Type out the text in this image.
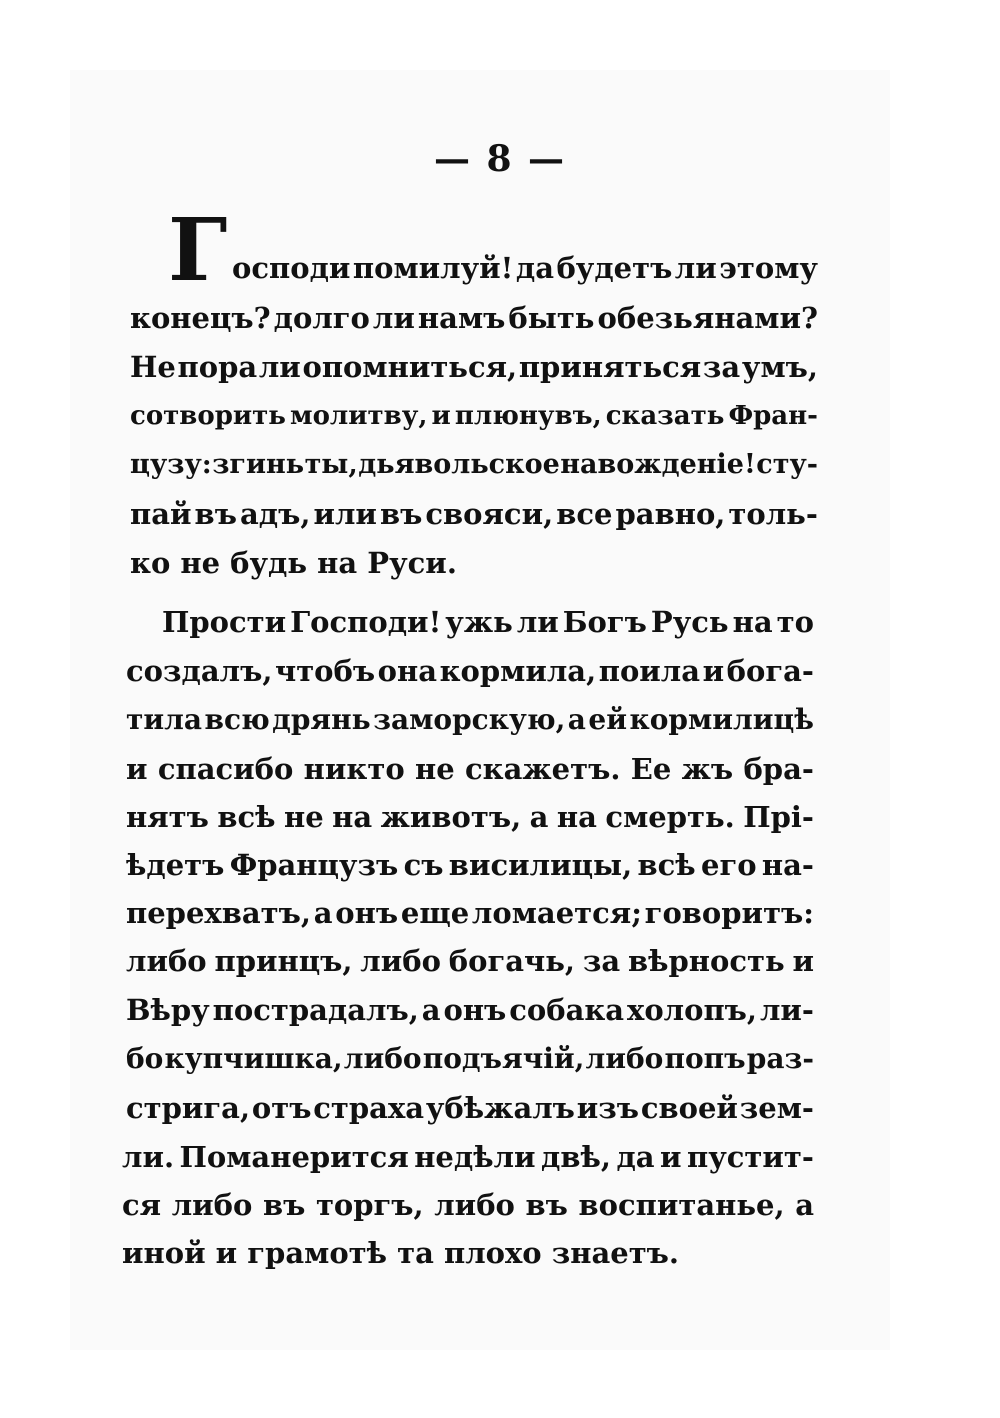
— 8 —
Г осподи помилуй! да будетъ ли этому
конецъ? долго ли намъ быть обезьянами?
Не пора ли опомниться, приняться за умъ,
сотворить молитву, и плюнувъ, сказать Фран-
цузу: згинь ты, дьявольское навожденіе! сту-
пай въ адъ, или въ свояси, все равно, толь-
ко не будь на Руси.
Прости Господи! ужь ли Богъ Русь на то
создалъ, чтобъ она кормила, поила и бога-
тила всю дрянь заморскую, а ей кормилицѣ
и спасибо никто не скажетъ. Ее жъ бра-
нятъ всѣ не на животъ, а на смерть. Прі-
ѣдетъ Французъ съ висилицы, всѣ его на-
перехватъ, а онъ еще ломается; говоритъ:
либо принцъ, либо богачь, за вѣрность и
Вѣру пострадалъ, а онъ собака холопъ, ли-
бо купчишка, либо подъячій, либо попъ раз-
стрига, отъ страха убѣжалъ изъ своей зем-
ли. Поманерится недѣли двѣ, да и пустит-
ся либо въ торгъ, либо въ воспитанье, а
иной и грамотѣ та плохо знаетъ.
